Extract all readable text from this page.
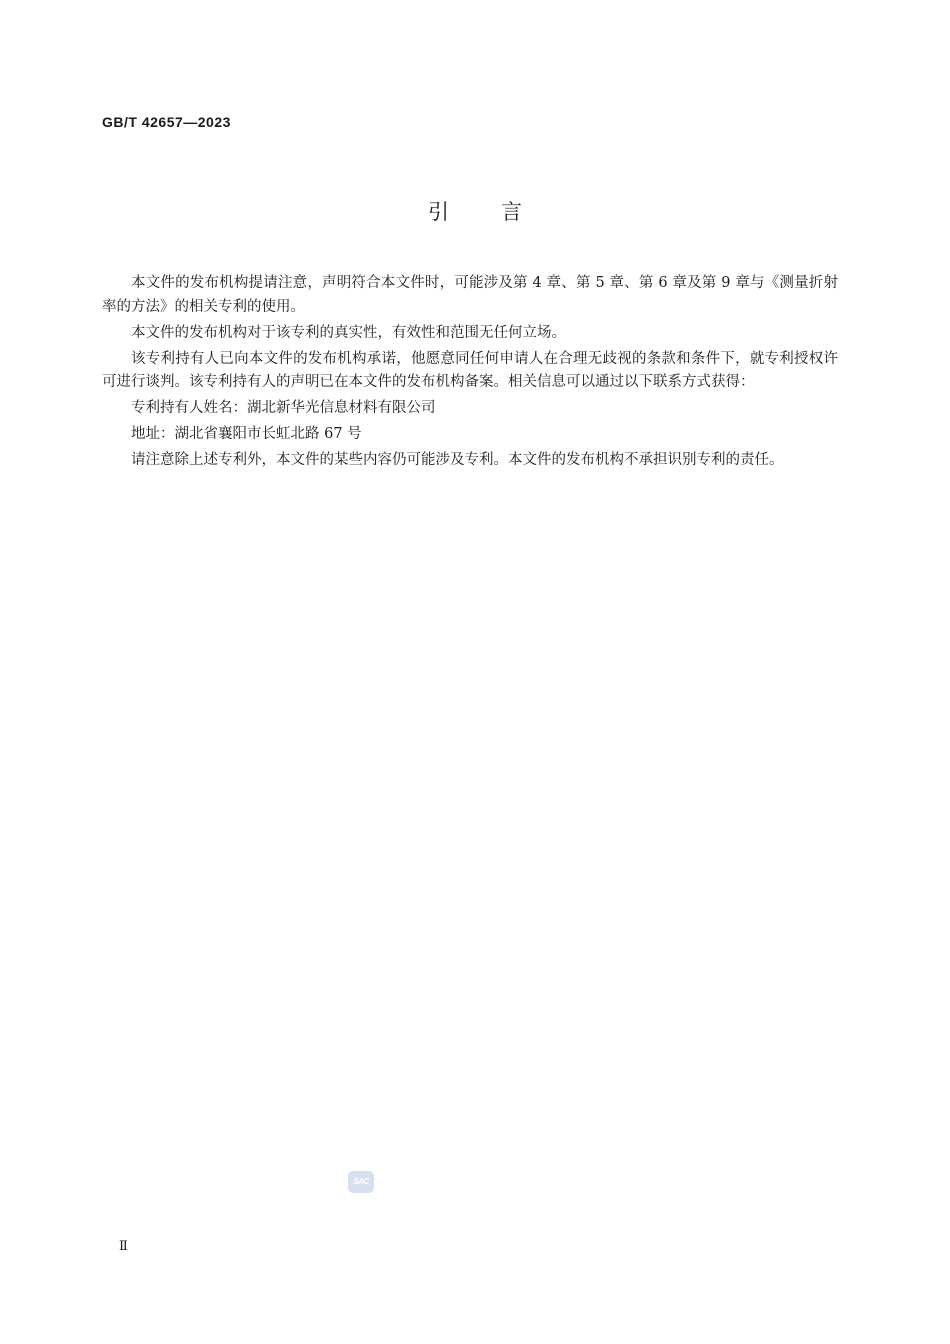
GB/T 42657—2023
引言

本文件的发布机构提请注意，声明符合本文件时，可能涉及第 4 章、第 5 章、第 6 章及第 9 章与《测量折射率的方法》的相关专利的使用。

本文件的发布机构对于该专利的真实性，有效性和范围无任何立场。

该专利持有人已向本文件的发布机构承诺，他愿意同任何申请人在合理无歧视的条款和条件下，就专利授权许可进行谈判。该专利持有人的声明已在本文件的发布机构备案。相关信息可以通过以下联系方式获得：

专利持有人姓名：湖北新华光信息材料有限公司

地址：湖北省襄阳市长虹北路 67 号

请注意除上述专利外，本文件的某些内容仍可能涉及专利。本文件的发布机构不承担识别专利的责任。

SAC
Ⅱ
